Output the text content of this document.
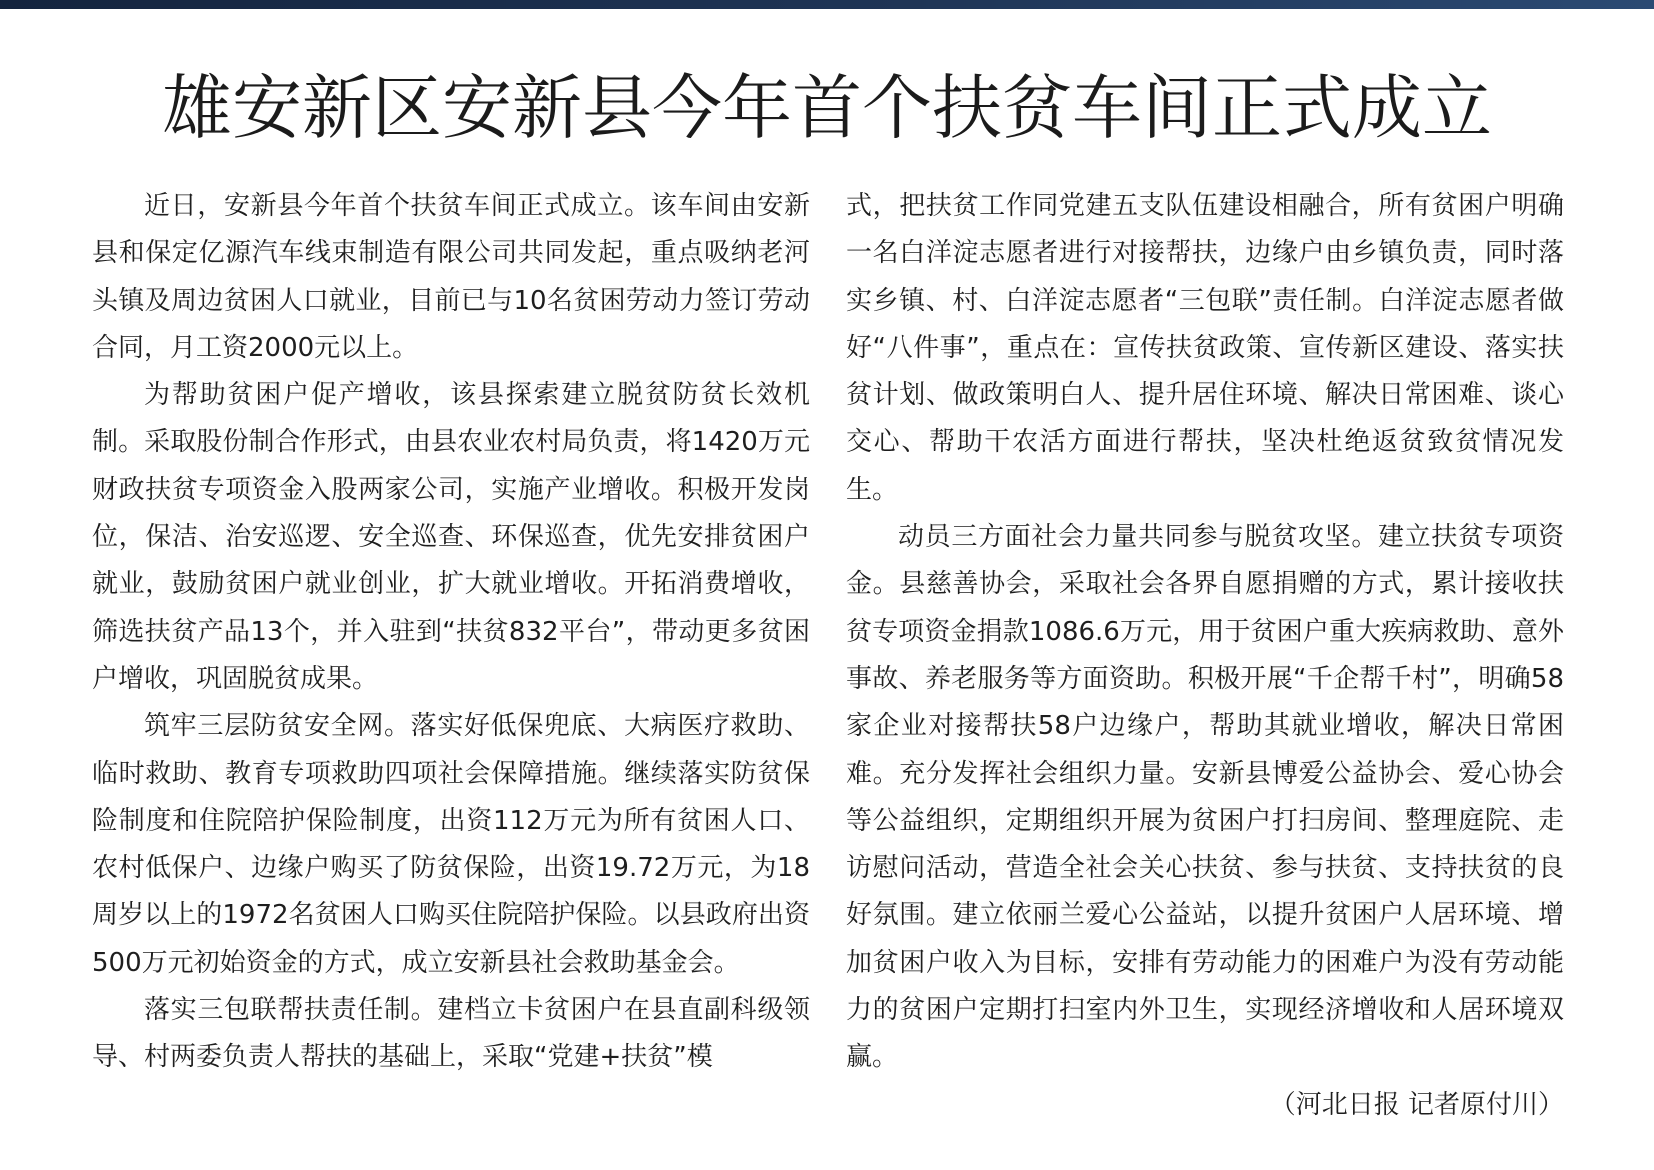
雄安新区安新县今年首个扶贫车间正式成立

近日，安新县今年首个扶贫车间正式成立。该车间由安新县和保定亿源汽车线束制造有限公司共同发起，重点吸纳老河头镇及周边贫困人口就业，目前已与10名贫困劳动力签订劳动合同，月工资2000元以上。

为帮助贫困户促产增收，该县探索建立脱贫防贫长效机制。采取股份制合作形式，由县农业农村局负责，将1420万元财政扶贫专项资金入股两家公司，实施产业增收。积极开发岗位，保洁、治安巡逻、安全巡查、环保巡查，优先安排贫困户就业，鼓励贫困户就业创业，扩大就业增收。开拓消费增收，筛选扶贫产品13个，并入驻到“扶贫832平台”，带动更多贫困户增收，巩固脱贫成果。

筑牢三层防贫安全网。落实好低保兜底、大病医疗救助、临时救助、教育专项救助四项社会保障措施。继续落实防贫保险制度和住院陪护保险制度，出资112万元为所有贫困人口、农村低保户、边缘户购买了防贫保险，出资19.72万元，为18周岁以上的1972名贫困人口购买住院陪护保险。以县政府出资500万元初始资金的方式，成立安新县社会救助基金会。

落实三包联帮扶责任制。建档立卡贫困户在县直副科级领导、村两委负责人帮扶的基础上，采取“党建+扶贫”模

式，把扶贫工作同党建五支队伍建设相融合，所有贫困户明确一名白洋淀志愿者进行对接帮扶，边缘户由乡镇负责，同时落实乡镇、村、白洋淀志愿者“三包联”责任制。白洋淀志愿者做好“八件事”，重点在：宣传扶贫政策、宣传新区建设、落实扶贫计划、做政策明白人、提升居住环境、解决日常困难、谈心交心、帮助干农活方面进行帮扶，坚决杜绝返贫致贫情况发生。

动员三方面社会力量共同参与脱贫攻坚。建立扶贫专项资金。县慈善协会，采取社会各界自愿捐赠的方式，累计接收扶贫专项资金捐款1086.6万元，用于贫困户重大疾病救助、意外事故、养老服务等方面资助。积极开展“千企帮千村”，明确58家企业对接帮扶58户边缘户，帮助其就业增收，解决日常困难。充分发挥社会组织力量。安新县博爱公益协会、爱心协会等公益组织，定期组织开展为贫困户打扫房间、整理庭院、走访慰问活动，营造全社会关心扶贫、参与扶贫、支持扶贫的良好氛围。建立依丽兰爱心公益站，以提升贫困户人居环境、增加贫困户收入为目标，安排有劳动能力的困难户为没有劳动能力的贫困户定期打扫室内外卫生，实现经济增收和人居环境双赢。

（河北日报 记者原付川）
